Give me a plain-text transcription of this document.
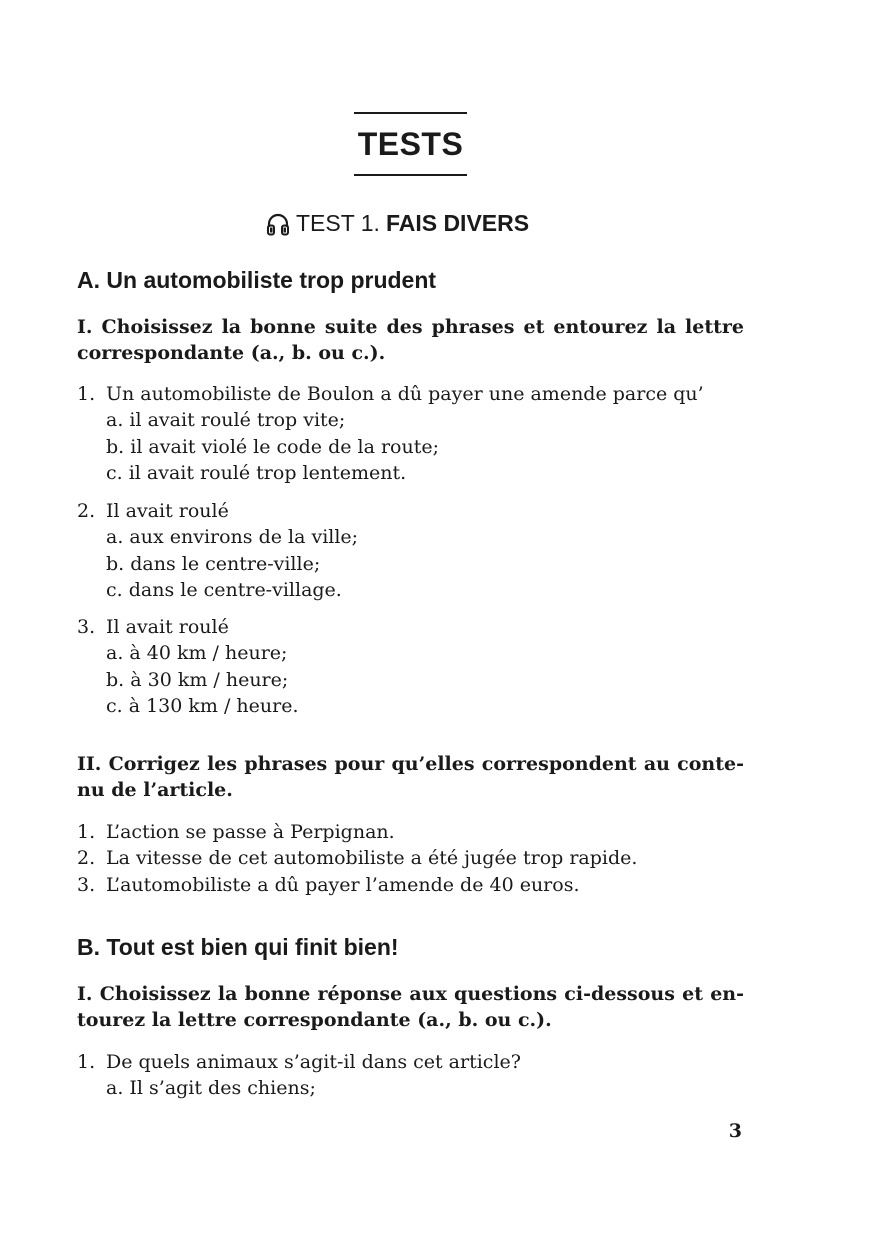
TESTS
TEST 1. FAIS DIVERS
A. Un automobiliste trop prudent
I. Choisissez la bonne suite des phrases et entourez la lettre
correspondante (a., b. ou c.).
1. Un automobiliste de Boulon a dû payer une amende parce qu’
a. il avait roulé trop vite;
b. il avait violé le code de la route;
c. il avait roulé trop lentement.
2. Il avait roulé
a. aux environs de la ville;
b. dans le centre-ville;
c. dans le centre-village.
3. Il avait roulé
a. à 40 km / heure;
b. à 30 km / heure;
c. à 130 km / heure.
II. Corrigez les phrases pour qu’elles correspondent au conte-
nu de l’article.
1. L’action se passe à Perpignan.
2. La vitesse de cet automobiliste a été jugée trop rapide.
3. L’automobiliste a dû payer l’amende de 40 euros.
B. Tout est bien qui finit bien!
I. Choisissez la bonne réponse aux questions ci-dessous et en-
tourez la lettre correspondante (a., b. ou c.).
1. De quels animaux s’agit-il dans cet article?
a. Il s’agit des chiens;
3
